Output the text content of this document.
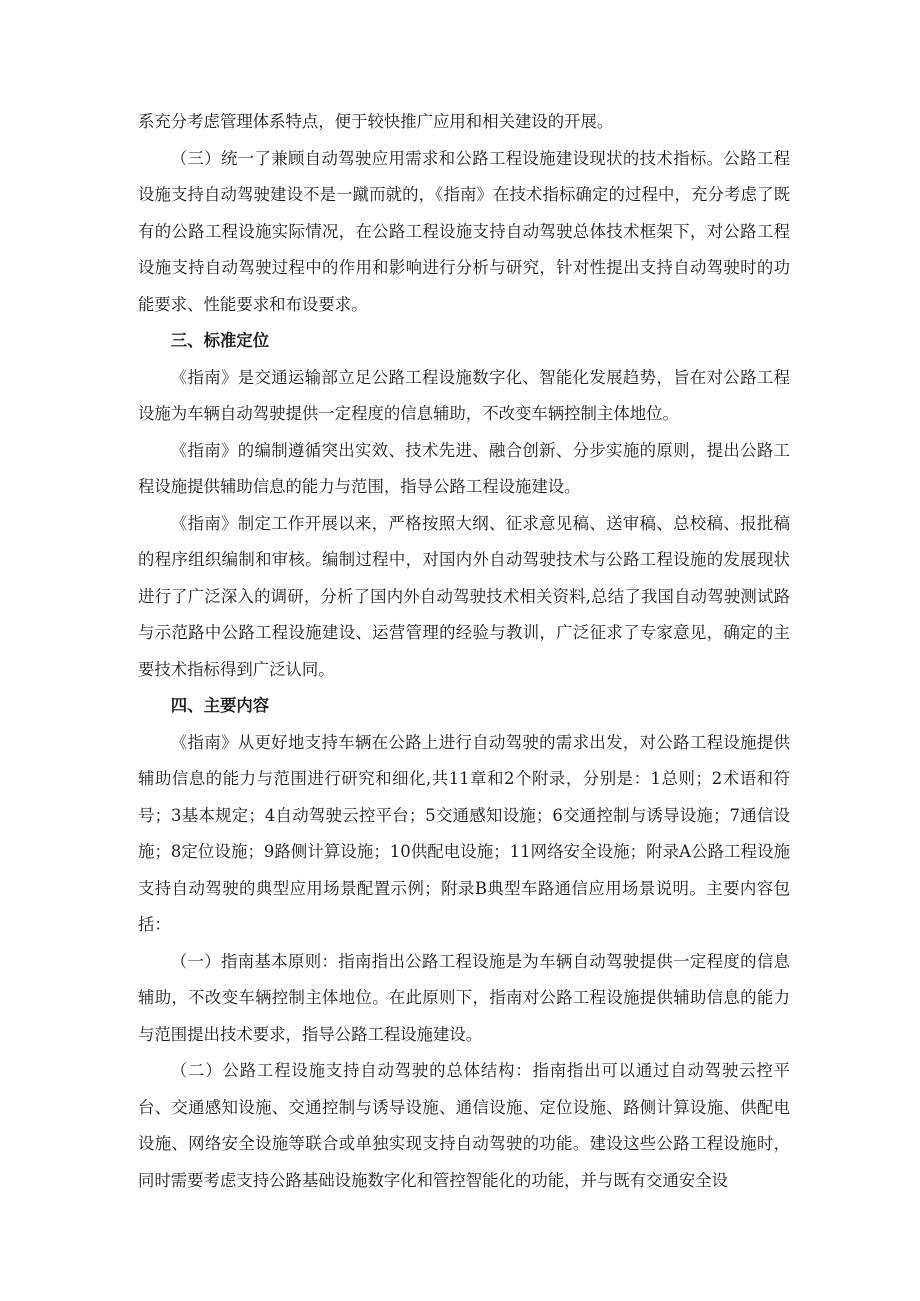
系充分考虑管理体系特点，便于较快推广应用和相关建设的开展。

（三）统一了兼顾自动驾驶应用需求和公路工程设施建设现状的技术指标。公路工程设施支持自动驾驶建设不是一蹴而就的，《指南》在技术指标确定的过程中，充分考虑了既有的公路工程设施实际情况，在公路工程设施支持自动驾驶总体技术框架下，对公路工程设施支持自动驾驶过程中的作用和影响进行分析与研究，针对性提出支持自动驾驶时的功能要求、性能要求和布设要求。

三、标准定位

《指南》是交通运输部立足公路工程设施数字化、智能化发展趋势，旨在对公路工程设施为车辆自动驾驶提供一定程度的信息辅助，不改变车辆控制主体地位。

《指南》的编制遵循突出实效、技术先进、融合创新、分步实施的原则，提出公路工程设施提供辅助信息的能力与范围，指导公路工程设施建设。

《指南》制定工作开展以来，严格按照大纲、征求意见稿、送审稿、总校稿、报批稿的程序组织编制和审核。编制过程中，对国内外自动驾驶技术与公路工程设施的发展现状进行了广泛深入的调研，分析了国内外自动驾驶技术相关资料,总结了我国自动驾驶测试路与示范路中公路工程设施建设、运营管理的经验与教训，广泛征求了专家意见，确定的主要技术指标得到广泛认同。

四、主要内容

《指南》从更好地支持车辆在公路上进行自动驾驶的需求出发，对公路工程设施提供辅助信息的能力与范围进行研究和细化,共11章和2个附录，分别是：1总则；2术语和符号；3基本规定；4自动驾驶云控平台；5交通感知设施；6交通控制与诱导设施；7通信设施；8定位设施；9路侧计算设施；10供配电设施；11网络安全设施；附录A公路工程设施支持自动驾驶的典型应用场景配置示例；附录B典型车路通信应用场景说明。主要内容包括：

（一）指南基本原则：指南指出公路工程设施是为车辆自动驾驶提供一定程度的信息辅助，不改变车辆控制主体地位。在此原则下，指南对公路工程设施提供辅助信息的能力与范围提出技术要求，指导公路工程设施建设。

（二）公路工程设施支持自动驾驶的总体结构：指南指出可以通过自动驾驶云控平台、交通感知设施、交通控制与诱导设施、通信设施、定位设施、路侧计算设施、供配电设施、网络安全设施等联合或单独实现支持自动驾驶的功能。建设这些公路工程设施时，同时需要考虑支持公路基础设施数字化和管控智能化的功能，并与既有交通安全设
